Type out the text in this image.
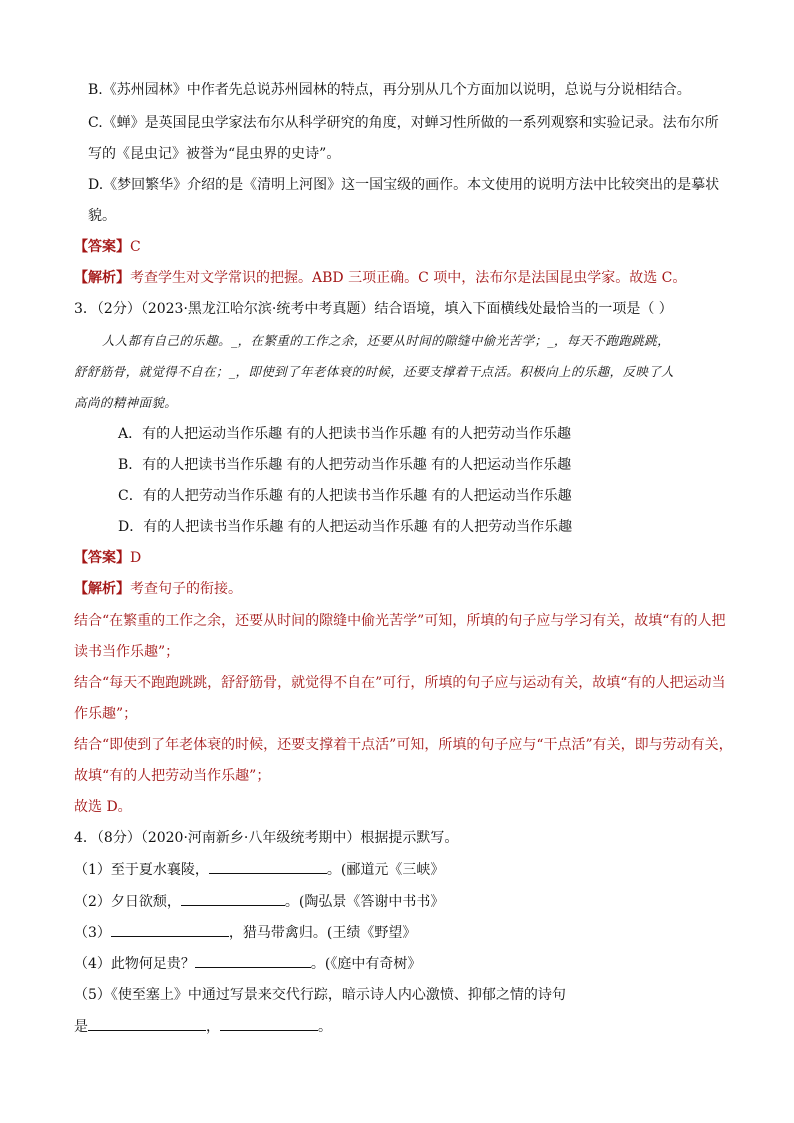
B.《苏州园林》中作者先总说苏州园林的特点，再分别从几个方面加以说明，总说与分说相结合。
C.《蝉》是英国昆虫学家法布尔从科学研究的角度，对蝉习性所做的一系列观察和实验记录。法布尔所
写的《昆虫记》被誉为“昆虫界的史诗”。
D.《梦回繁华》介绍的是《清明上河图》这一国宝级的画作。本文使用的说明方法中比较突出的是摹状
貌。
【答案】C
【解析】考查学生对文学常识的把握。ABD 三项正确。C 项中，法布尔是法国昆虫学家。故选 C。
3．（2分）（2023·黑龙江哈尔滨·统考中考真题）结合语境，填入下面横线处最恰当的一项是（ ）
人人都有自己的乐趣。_，在繁重的工作之余，还要从时间的隙缝中偷光苦学；_，每天不跑跑跳跳，
舒舒筋骨，就觉得不自在；_，即使到了年老体衰的时候，还要支撑着干点活。积极向上的乐趣，反映了人
高尚的精神面貌。
A．有的人把运动当作乐趣 有的人把读书当作乐趣 有的人把劳动当作乐趣
B．有的人把读书当作乐趣 有的人把劳动当作乐趣 有的人把运动当作乐趣
C．有的人把劳动当作乐趣 有的人把读书当作乐趣 有的人把运动当作乐趣
D．有的人把读书当作乐趣 有的人把运动当作乐趣 有的人把劳动当作乐趣
【答案】D
【解析】考查句子的衔接。
结合“在繁重的工作之余，还要从时间的隙缝中偷光苦学”可知，所填的句子应与学习有关，故填“有的人把
读书当作乐趣”；
结合“每天不跑跑跳跳，舒舒筋骨，就觉得不自在”可行，所填的句子应与运动有关，故填“有的人把运动当
作乐趣”；
结合“即使到了年老体衰的时候，还要支撑着干点活”可知，所填的句子应与“干点活”有关，即与劳动有关，
故填“有的人把劳动当作乐趣”；
故选 D。
4．（8分）（2020·河南新乡·八年级统考期中）根据提示默写。
（1）至于夏水襄陵，	。(郦道元《三峡》
（2）夕日欲颓，	。(陶弘景《答谢中书书》
（3）	，猎马带禽归。(王绩《野望》
（4）此物何足贵？	。(《庭中有奇树》
（5）《使至塞上》中通过写景来交代行踪，暗示诗人内心激愤、抑郁之情的诗句
是	，	。
